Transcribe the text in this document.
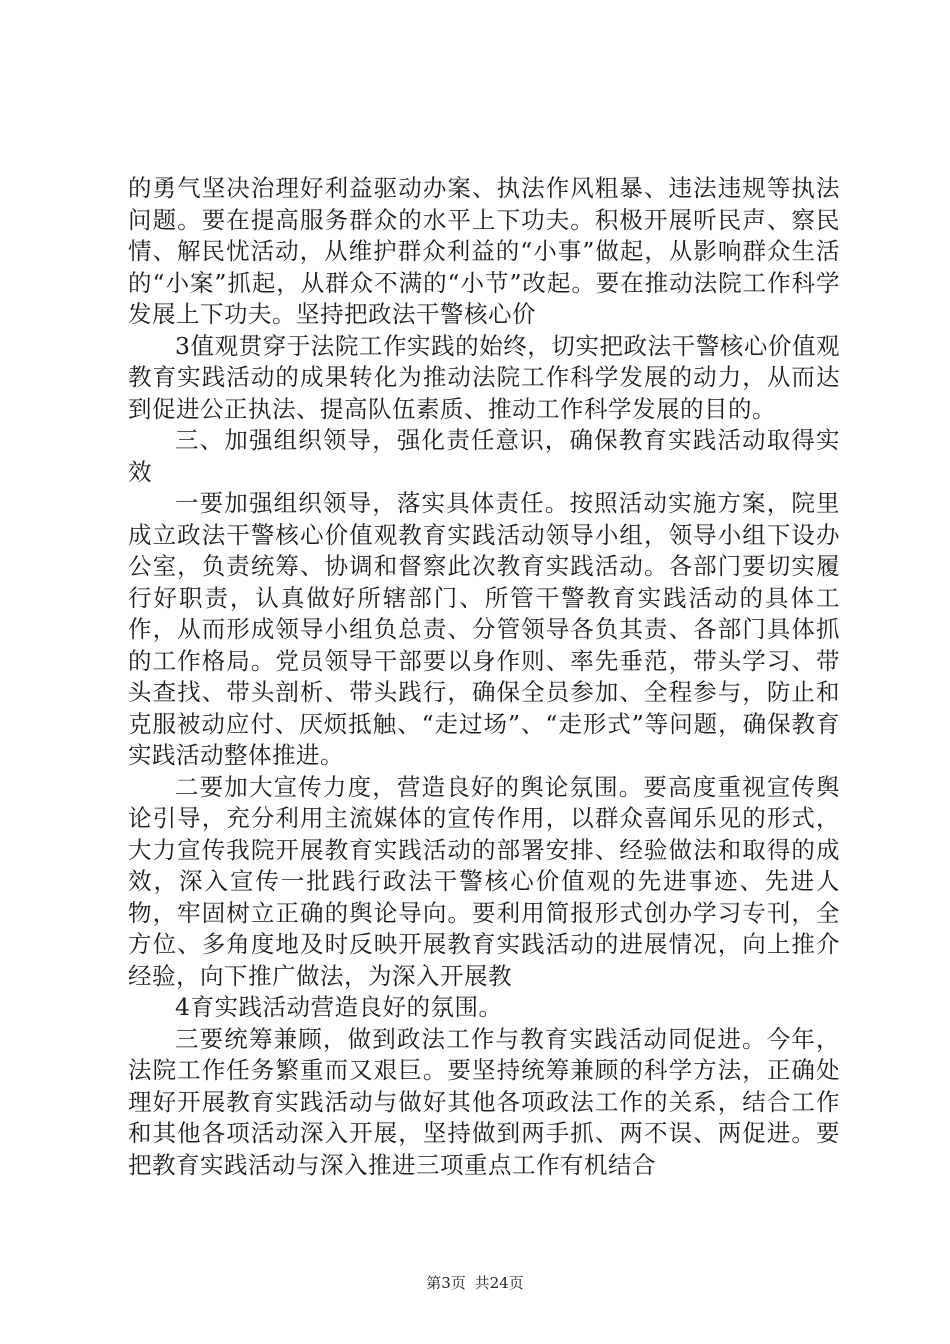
的勇气坚决治理好利益驱动办案、执法作风粗暴、违法违规等执法问题。要在提高服务群众的水平上下功夫。积极开展听民声、察民情、解民忧活动，从维护群众利益的“小事”做起，从影响群众生活的“小案”抓起，从群众不满的“小节”改起。要在推动法院工作科学发展上下功夫。坚持把政法干警核心价

3值观贯穿于法院工作实践的始终，切实把政法干警核心价值观教育实践活动的成果转化为推动法院工作科学发展的动力，从而达到促进公正执法、提高队伍素质、推动工作科学发展的目的。

三、加强组织领导，强化责任意识，确保教育实践活动取得实效

一要加强组织领导，落实具体责任。按照活动实施方案，院里成立政法干警核心价值观教育实践活动领导小组，领导小组下设办公室，负责统筹、协调和督察此次教育实践活动。各部门要切实履行好职责，认真做好所辖部门、所管干警教育实践活动的具体工作，从而形成领导小组负总责、分管领导各负其责、各部门具体抓的工作格局。党员领导干部要以身作则、率先垂范，带头学习、带头查找、带头剖析、带头践行，确保全员参加、全程参与，防止和克服被动应付、厌烦抵触、“走过场”、“走形式”等问题，确保教育实践活动整体推进。

二要加大宣传力度，营造良好的舆论氛围。要高度重视宣传舆论引导，充分利用主流媒体的宣传作用，以群众喜闻乐见的形式，大力宣传我院开展教育实践活动的部署安排、经验做法和取得的成效，深入宣传一批践行政法干警核心价值观的先进事迹、先进人物，牢固树立正确的舆论导向。要利用简报形式创办学习专刊，全方位、多角度地及时反映开展教育实践活动的进展情况，向上推介经验，向下推广做法，为深入开展教

4育实践活动营造良好的氛围。

三要统筹兼顾，做到政法工作与教育实践活动同促进。今年，法院工作任务繁重而又艰巨。要坚持统筹兼顾的科学方法，正确处理好开展教育实践活动与做好其他各项政法工作的关系，结合工作和其他各项活动深入开展，坚持做到两手抓、两不误、两促进。要把教育实践活动与深入推进三项重点工作有机结合

第3页 共24页
